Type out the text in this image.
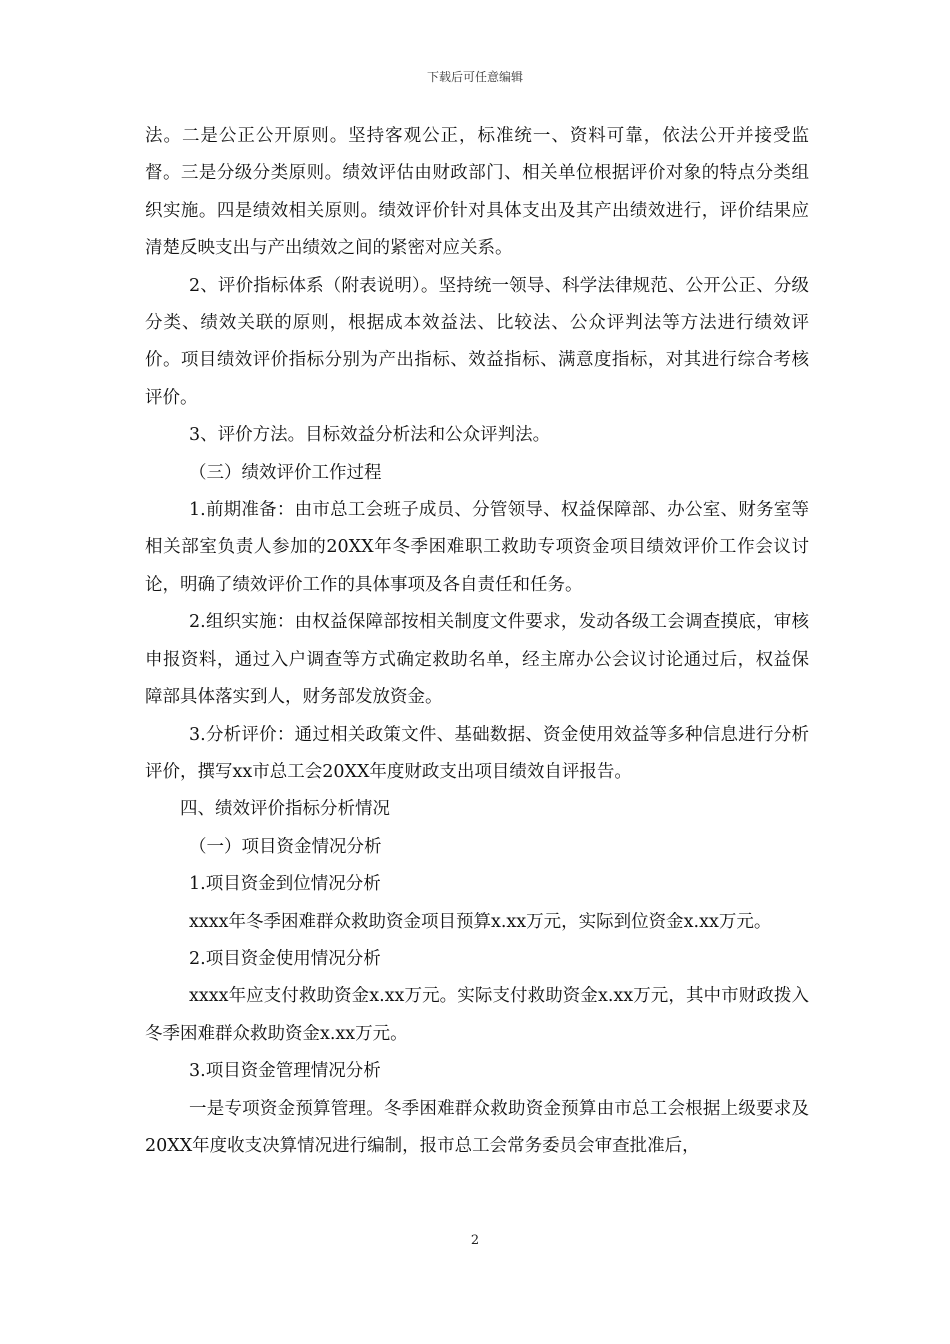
下载后可任意编辑

法。二是公正公开原则。坚持客观公正，标准统一、资料可靠，依法公开并接受监督。三是分级分类原则。绩效评估由财政部门、相关单位根据评价对象的特点分类组织实施。四是绩效相关原则。绩效评价针对具体支出及其产出绩效进行，评价结果应清楚反映支出与产出绩效之间的紧密对应关系。

2、评价指标体系（附表说明）。坚持统一领导、科学法律规范、公开公正、分级分类、绩效关联的原则，根据成本效益法、比较法、公众评判法等方法进行绩效评价。项目绩效评价指标分别为产出指标、效益指标、满意度指标，对其进行综合考核评价。

3、评价方法。目标效益分析法和公众评判法。

（三）绩效评价工作过程

1.前期准备：由市总工会班子成员、分管领导、权益保障部、办公室、财务室等相关部室负责人参加的20XX年冬季困难职工救助专项资金项目绩效评价工作会议讨论，明确了绩效评价工作的具体事项及各自责任和任务。

2.组织实施：由权益保障部按相关制度文件要求，发动各级工会调查摸底，审核申报资料，通过入户调查等方式确定救助名单，经主席办公会议讨论通过后，权益保障部具体落实到人，财务部发放资金。

3.分析评价：通过相关政策文件、基础数据、资金使用效益等多种信息进行分析评价，撰写xx市总工会20XX年度财政支出项目绩效自评报告。

四、绩效评价指标分析情况

（一）项目资金情况分析

1.项目资金到位情况分析

xxxx年冬季困难群众救助资金项目预算x.xx万元，实际到位资金x.xx万元。

2.项目资金使用情况分析

xxxx年应支付救助资金x.xx万元。实际支付救助资金x.xx万元，其中市财政拨入冬季困难群众救助资金x.xx万元。

3.项目资金管理情况分析

一是专项资金预算管理。冬季困难群众救助资金预算由市总工会根据上级要求及20XX年度收支决算情况进行编制，报市总工会常务委员会审查批准后，

2
